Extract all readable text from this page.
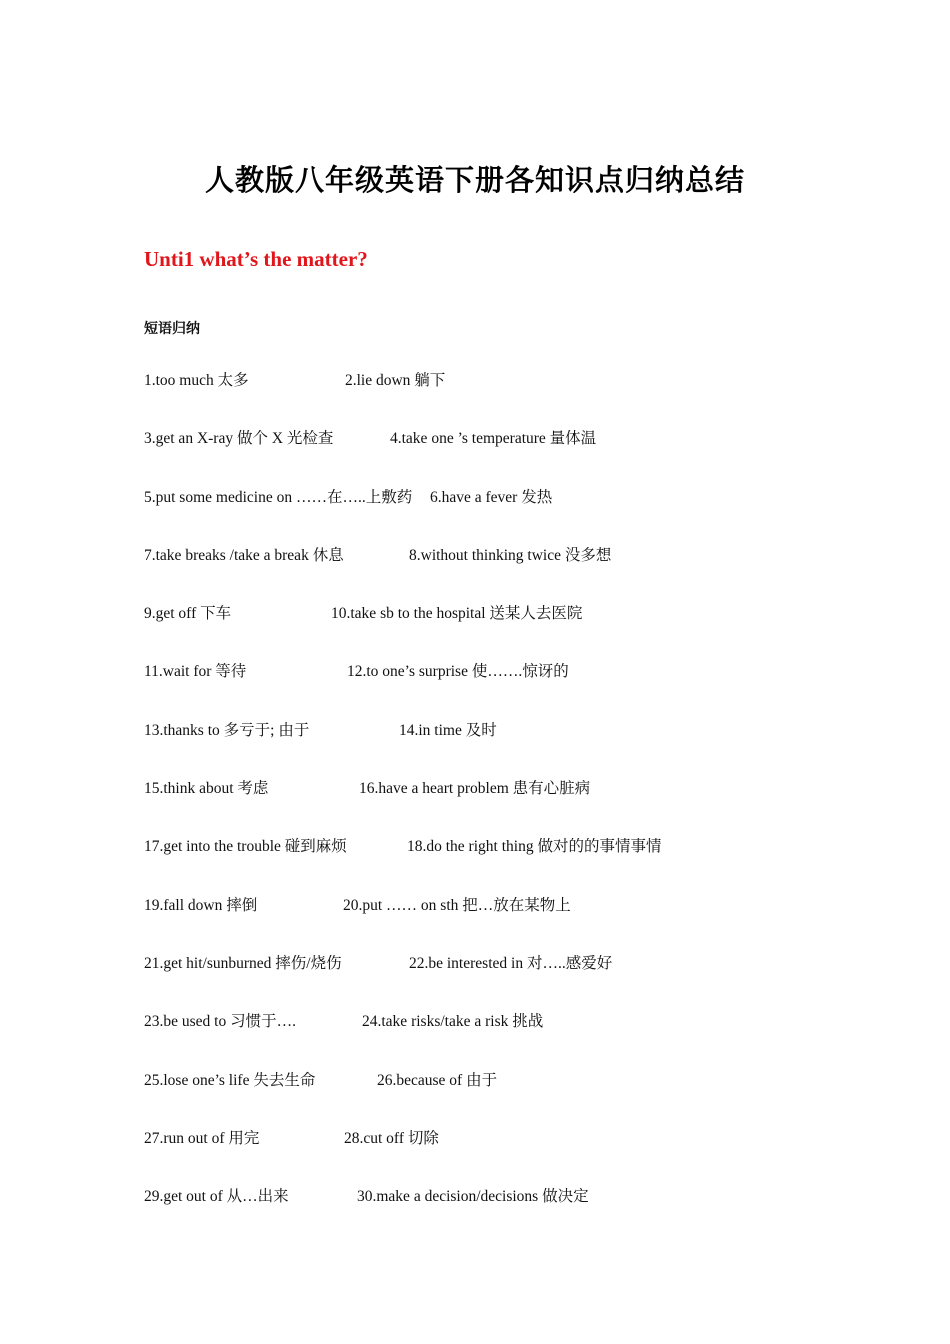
人教版八年级英语下册各知识点归纳总结
Unti1 what’s the matter?
短语归纳
1.too much 太多	2.lie down 躺下
3.get an X-ray 做个 X 光检查	4.take one ’s temperature 量体温
5.put some medicine on ……在…..上敷药 6.have a fever 发热
7.take breaks /take a break 休息	8.without thinking twice 没多想
9.get off 下车	10.take sb to the hospital 送某人去医院
11.wait for 等待	12.to one’s surprise 使…….惊讶的
13.thanks to 多亏于; 由于	14.in time 及时
15.think about 考虑	16.have a heart problem 患有心脏病
17.get into the trouble 碰到麻烦	18.do the right thing 做对的的事情事情
19.fall down 摔倒	20.put …… on sth 把…放在某物上
21.get hit/sunburned 摔伤/烧伤	22.be interested in 对…..感爱好
23.be used to 习惯于….	24.take risks/take a risk 挑战
25.lose one’s life 失去生命	26.because of 由于
27.run out of 用完	28.cut off 切除
29.get out of 从…出来	30.make a decision/decisions 做决定
